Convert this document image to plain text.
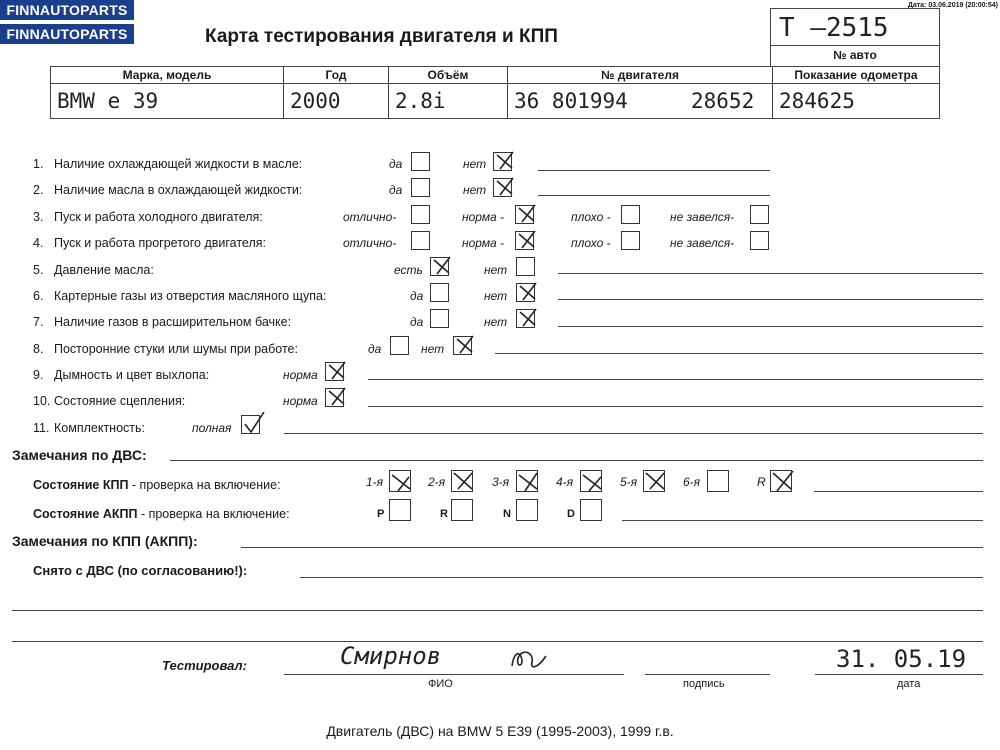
FINNAUTOPARTS
FINNAUTOPARTS
Дата: 03.06.2019 (20:00:54)
Карта тестирования двигателя и КПП	T –2515
№ авто
Марка, модель	Год	Объём	№ двигателя	Показание одометра
BMW e 39	2000	2.8i	36 801994     28652	284625
1. Наличие охлаждающей жидкости в масле:	да	нет
2. Наличие масла в охлаждающей жидкости:	да	нет
3. Пуск и работа холодного двигателя:	отлично-	норма -	плохо -	не завелся-
4. Пуск и работа прогретого двигателя:	отлично-	норма -	плохо -	не завелся-
5. Давление масла:	есть	нет
6. Картерные газы из отверстия масляного щупа:	да	нет
7. Наличие газов в расширительном бачке:	да	нет
8. Посторонние стуки или шумы при работе:	да	нет
9. Дымность и цвет выхлопа:	норма
10. Состояние сцепления:	норма
11. Комплектность:	полная
Замечания по ДВС:
Состояние КПП - проверка на включение:	1-я	2-я	3-я	4-я	5-я	6-я	R
Состояние АКПП - проверка на включение:	P	R	N	D
Замечания по КПП (АКПП):
Снято с ДВС (по согласованию!):
Тестировал:	Смирнов	31. 05.19
ФИО	подпись	дата
Двигатель (ДВС) на BMW 5 E39 (1995-2003), 1999 г.в.
